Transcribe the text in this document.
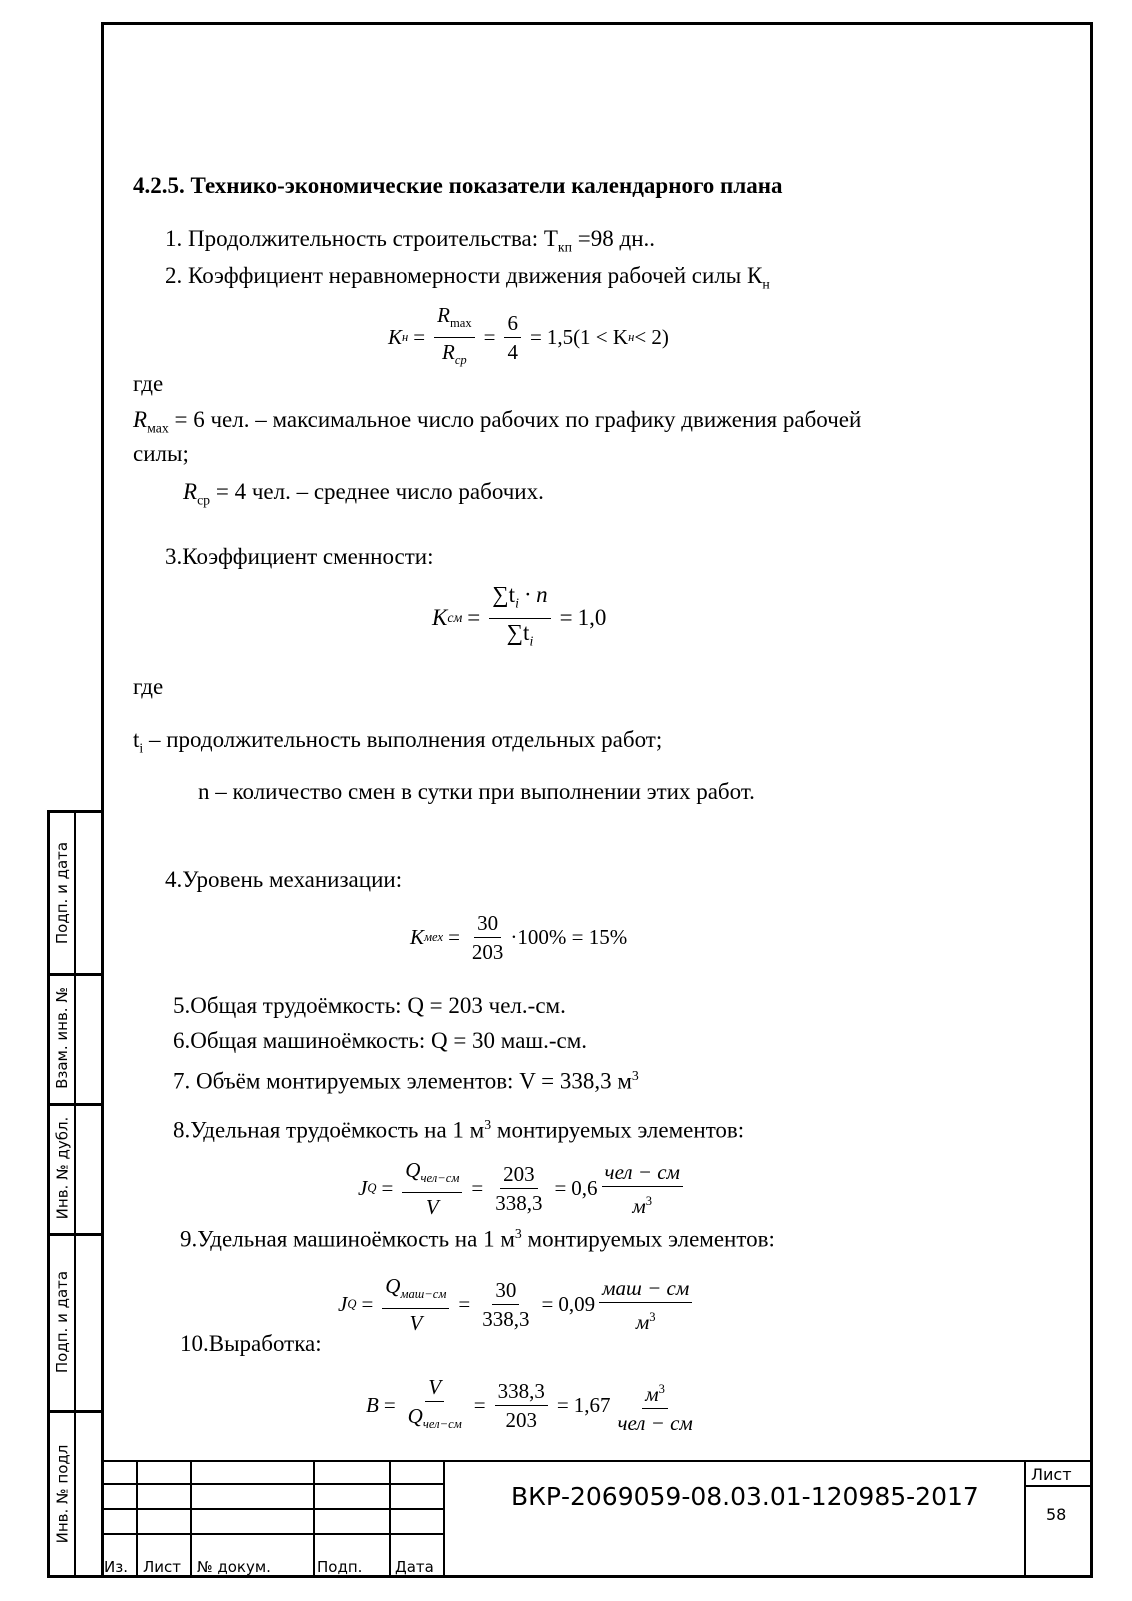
Подп. и дата
Взам. инв. №
Инв. № дубл.
Подп. и дата
Инв. № подл
4.2.5. Технико-экономические показатели календарного плана
1. Продолжительность строительства: $Т_{кп} =98$ дн..
2. Коэффициент неравномерности движения рабочей силы $К_н$
K $н = \frac{R_{max}}{R_{ср}} = \frac{6}{4} = 1,5(1 < K$ н < 2)
где
$R_{мах} = 6$ чел. – максимальное число рабочих по графику движения рабочей
силы;
$R_{ср} = 4$ чел. – среднее число рабочих.
3.Коэффициент сменности:
K см = $\frac{\sum t_i \cdot n}{\sum t_i} = 1,0$
где
$t_i$ – продолжительность выполнения отдельных работ;
n – количество смен в сутки при выполнении этих работ.
4.Уровень механизации:
K мех = $\frac{30}{203} \cdot 100\% = 15\%$
5.Общая трудоёмкость: Q = 203 чел.-см.
6.Общая машиноёмкость: Q = 30 маш.-см.
7. Объём монтируемых элементов: V = 338,3 $м^3$
8.Удельная трудоёмкость на 1 $м^3$ монтируемых элементов:
J $Q = \frac{Q_{чел-см}}{V} = \frac{203}{338,3} = 0,6 \frac{\text{чел − см}}{м^3}$
9.Удельная машиноёмкость на 1 $м^3$ монтируемых элементов:
J $Q = \frac{Q_{маш-см}}{V} = \frac{30}{338,3} = 0,09 \frac{\text{маш − см}}{м^3}$
10.Выработка:
$B = \frac{V}{Q_{чел-см}} = \frac{338,3}{203} = 1,67 \frac{м^3}{\text{чел − см}}$
Из. Лист № докум.	Подп. Дата
ВКР-2069059-08.03.01-120985-2017
Лист
58
